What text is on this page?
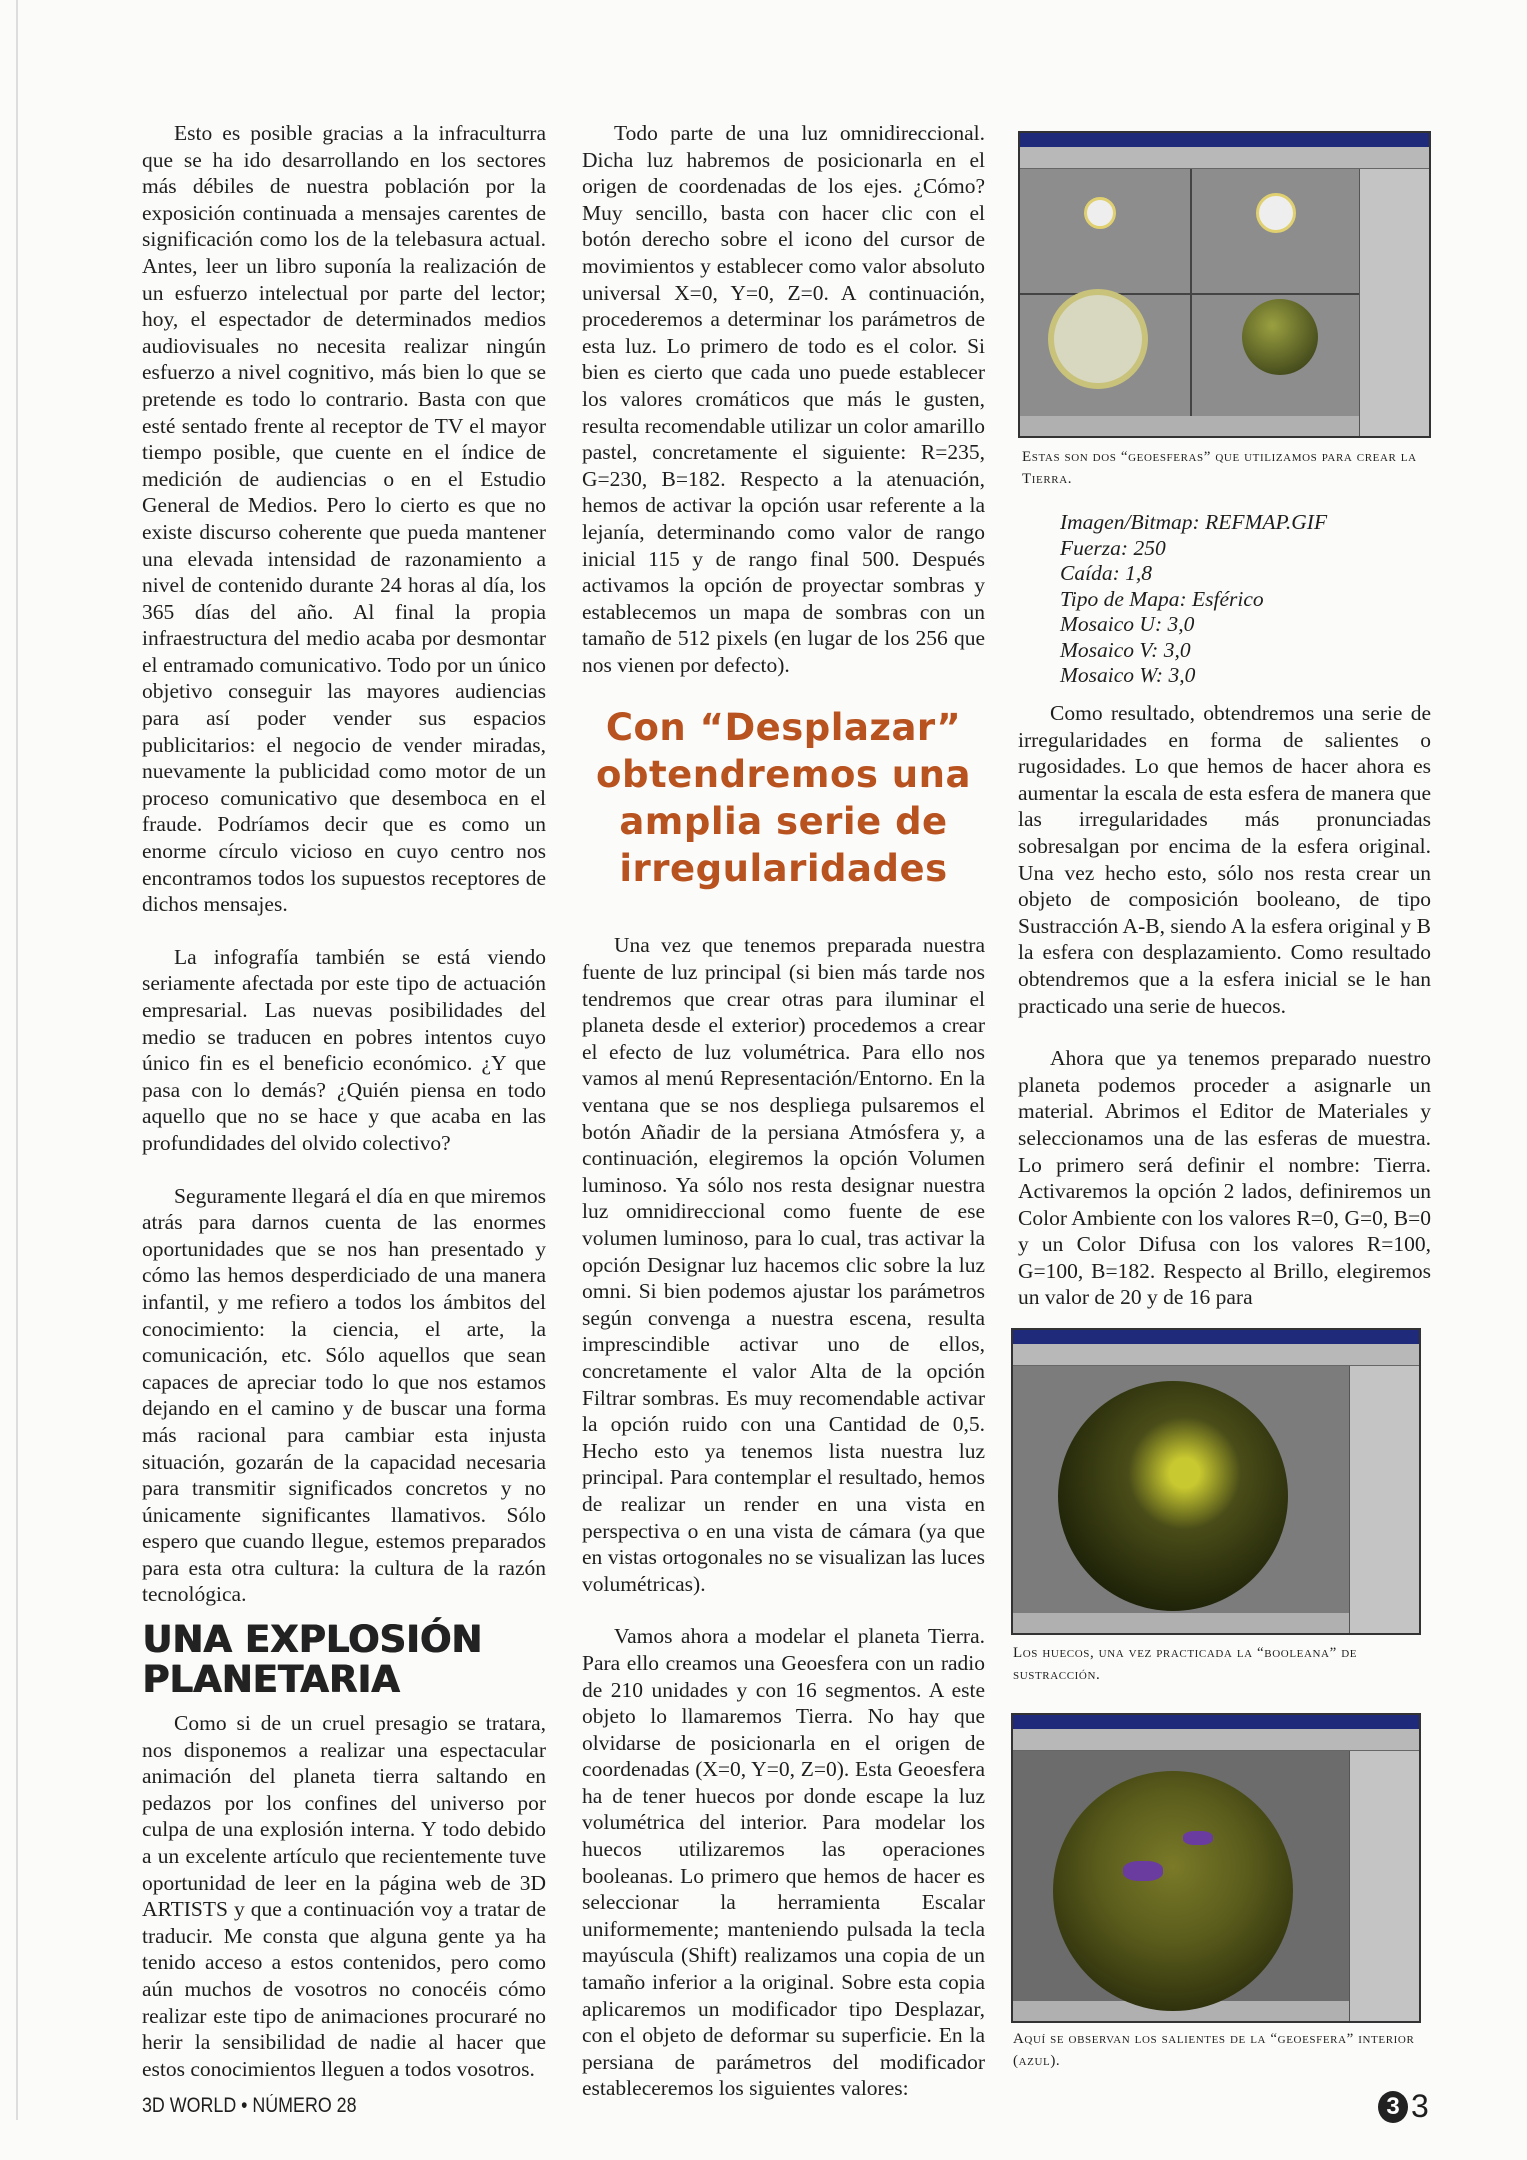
Esto es posible gracias a la infraculturra que se ha ido desarrollando en los sectores más débiles de nuestra población por la exposición continuada a mensajes carentes de significación como los de la telebasura actual. Antes, leer un libro suponía la realización de un esfuerzo intelectual por parte del lector; hoy, el espectador de determinados medios audiovisuales no necesita realizar ningún esfuerzo a nivel cognitivo, más bien lo que se pretende es todo lo contrario. Basta con que esté sentado frente al receptor de TV el mayor tiempo posible, que cuente en el índice de medición de audiencias o en el Estudio General de Medios. Pero lo cierto es que no existe discurso coherente que pueda mantener una elevada intensidad de razonamiento a nivel de contenido durante 24 horas al día, los 365 días del año. Al final la propia infraestructura del medio acaba por desmontar el entramado comunicativo. Todo por un único objetivo conseguir las mayores audiencias para así poder vender sus espacios publicitarios: el negocio de vender miradas, nuevamente la publicidad como motor de un proceso comunicativo que desemboca en el fraude. Podríamos decir que es como un enorme círculo vicioso en cuyo centro nos encontramos todos los supuestos receptores de dichos mensajes.

La infografía también se está viendo seriamente afectada por este tipo de actuación empresarial. Las nuevas posibilidades del medio se traducen en pobres intentos cuyo único fin es el beneficio económico. ¿Y que pasa con lo demás? ¿Quién piensa en todo aquello que no se hace y que acaba en las profundidades del olvido colectivo?

Seguramente llegará el día en que miremos atrás para darnos cuenta de las enormes oportunidades que se nos han presentado y cómo las hemos desperdiciado de una manera infantil, y me refiero a todos los ámbitos del conocimiento: la ciencia, el arte, la comunicación, etc. Sólo aquellos que sean capaces de apreciar todo lo que nos estamos dejando en el camino y de buscar una forma más racional para cambiar esta injusta situación, gozarán de la capacidad necesaria para transmitir significados concretos y no únicamente significantes llamativos. Sólo espero que cuando llegue, estemos preparados para esta otra cultura: la cultura de la razón tecnológica.

UNA EXPLOSIÓN PLANETARIA

Como si de un cruel presagio se tratara, nos disponemos a realizar una espectacular animación del planeta tierra saltando en pedazos por los confines del universo por culpa de una explosión interna. Y todo debido a un excelente artículo que recientemente tuve oportunidad de leer en la página web de 3D ARTISTS y que a continuación voy a tratar de traducir. Me consta que alguna gente ya ha tenido acceso a estos contenidos, pero como aún muchos de vosotros no conocéis cómo realizar este tipo de animaciones procuraré no herir la sensibilidad de nadie al hacer que estos conocimientos lleguen a todos vosotros.

Todo parte de una luz omnidireccional. Dicha luz habremos de posicionarla en el origen de coordenadas de los ejes. ¿Cómo? Muy sencillo, basta con hacer clic con el botón derecho sobre el icono del cursor de movimientos y establecer como valor absoluto universal X=0, Y=0, Z=0. A continuación, procederemos a determinar los parámetros de esta luz. Lo primero de todo es el color. Si bien es cierto que cada uno puede establecer los valores cromáticos que más le gusten, resulta recomendable utilizar un color amarillo pastel, concretamente el siguiente: R=235, G=230, B=182. Respecto a la atenuación, hemos de activar la opción usar referente a la lejanía, determinando como valor de rango inicial 115 y de rango final 500. Después activamos la opción de proyectar sombras y establecemos un mapa de sombras con un tamaño de 512 pixels (en lugar de los 256 que nos vienen por defecto).

Con “Desplazar” obtendremos una amplia serie de irregularidades

Una vez que tenemos preparada nuestra fuente de luz principal (si bien más tarde nos tendremos que crear otras para iluminar el planeta desde el exterior) procedemos a crear el efecto de luz volumétrica. Para ello nos vamos al menú Representación/Entorno. En la ventana que se nos despliega pulsaremos el botón Añadir de la persiana Atmósfera y, a continuación, elegiremos la opción Volumen luminoso. Ya sólo nos resta designar nuestra luz omnidireccional como fuente de ese volumen luminoso, para lo cual, tras activar la opción Designar luz hacemos clic sobre la luz omni. Si bien podemos ajustar los parámetros según convenga a nuestra escena, resulta imprescindible activar uno de ellos, concretamente el valor Alta de la opción Filtrar sombras. Es muy recomendable activar la opción ruido con una Cantidad de 0,5. Hecho esto ya tenemos lista nuestra luz principal. Para contemplar el resultado, hemos de realizar un render en una vista en perspectiva o en una vista de cámara (ya que en vistas ortogonales no se visualizan las luces volumétricas).

Vamos ahora a modelar el planeta Tierra. Para ello creamos una Geoesfera con un radio de 210 unidades y con 16 segmentos. A este objeto lo llamaremos Tierra. No hay que olvidarse de posicionarla en el origen de coordenadas (X=0, Y=0, Z=0). Esta Geoesfera ha de tener huecos por donde escape la luz volumétrica del interior. Para modelar los huecos utilizaremos las operaciones booleanas. Lo primero que hemos de hacer es seleccionar la herramienta Escalar uniformemente; manteniendo pulsada la tecla mayúscula (Shift) realizamos una copia de un tamaño inferior a la original. Sobre esta copia aplicaremos un modificador tipo Desplazar, con el objeto de deformar su superficie. En la persiana de parámetros del modificador estableceremos los siguientes valores:

Estas son dos “geoesferas” que utilizamos para crear la Tierra.
Imagen/Bitmap: REFMAP.GIF
Fuerza: 250
Caída: 1,8
Tipo de Mapa: Esférico
Mosaico U: 3,0
Mosaico V: 3,0
Mosaico W: 3,0

Como resultado, obtendremos una serie de irregularidades en forma de salientes o rugosidades. Lo que hemos de hacer ahora es aumentar la escala de esta esfera de manera que las irregularidades más pronunciadas sobresalgan por encima de la esfera original. Una vez hecho esto, sólo nos resta crear un objeto de composición booleano, de tipo Sustracción A-B, siendo A la esfera original y B la esfera con desplazamiento. Como resultado obtendremos que a la esfera inicial se le han practicado una serie de huecos.

Ahora que ya tenemos preparado nuestro planeta podemos proceder a asignarle un material. Abrimos el Editor de Materiales y seleccionamos una de las esferas de muestra. Lo primero será definir el nombre: Tierra. Activaremos la opción 2 lados, definiremos un Color Ambiente con los valores R=0, G=0, B=0 y un Color Difusa con los valores R=100, G=100, B=182. Respecto al Brillo, elegiremos un valor de 20 y de 16 para

Los huecos, una vez practicada la “booleana” de sustracción.
Aquí se observan los salientes de la “geoesfera” interior (azul).
3D WORLD • NÚMERO 28	3 3
